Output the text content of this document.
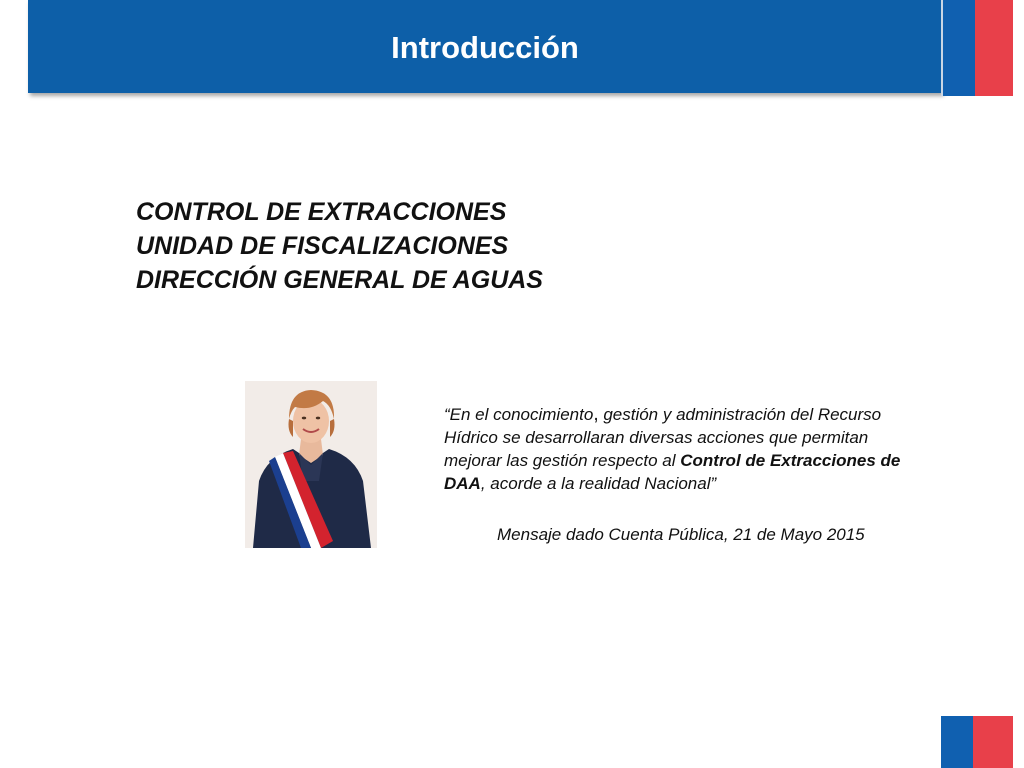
Introducción
CONTROL DE EXTRACCIONES
UNIDAD DE FISCALIZACIONES
DIRECCIÓN GENERAL DE AGUAS
“En el conocimiento, gestión y administración del Recurso Hídrico se desarrollaran diversas acciones que permitan mejorar las gestión respecto al Control de Extracciones de DAA, acorde a la realidad Nacional”
Mensaje dado Cuenta Pública, 21 de Mayo 2015
